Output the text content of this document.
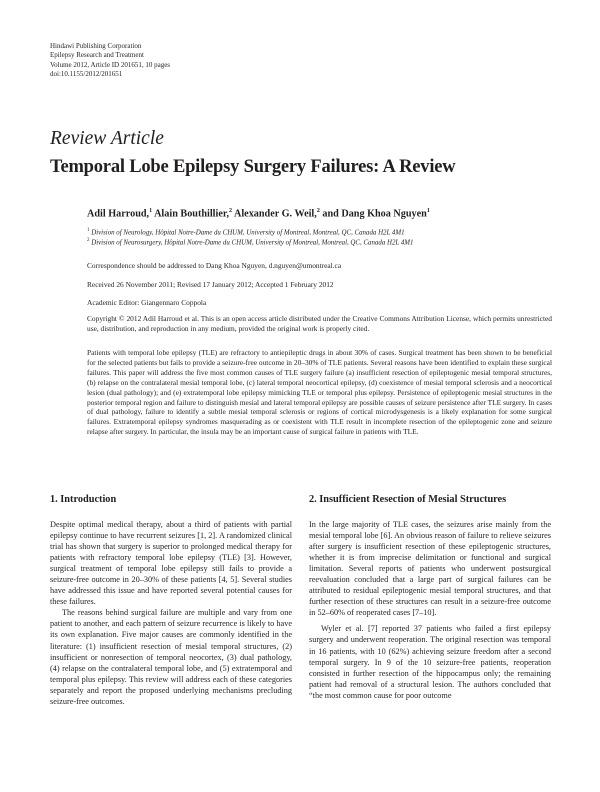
Hindawi Publishing Corporation
Epilepsy Research and Treatment
Volume 2012, Article ID 201651, 10 pages
doi:10.1155/2012/201651
Review Article
Temporal Lobe Epilepsy Surgery Failures: A Review
Adil Harroud,$^1$ Alain Bouthillier,$^2$ Alexander G. Weil,$^2$ and Dang Khoa Nguyen$^1$
$^1$ Division of Neurology, Hôpital Notre-Dame du CHUM, University of Montreal, Montreal, QC, Canada H2L 4M1
$^2$ Division of Neurosurgery, Hôpital Notre-Dame du CHUM, University of Montreal, Montreal, QC, Canada H2L 4M1
Correspondence should be addressed to Dang Khoa Nguyen, d.nguyen@umontreal.ca
Received 26 November 2011; Revised 17 January 2012; Accepted 1 February 2012
Academic Editor: Giangennaro Coppola
Copyright © 2012 Adil Harroud et al. This is an open access article distributed under the Creative Commons Attribution License, which permits unrestricted use, distribution, and reproduction in any medium, provided the original work is properly cited.
Patients with temporal lobe epilepsy (TLE) are refractory to antiepileptic drugs in about 30% of cases. Surgical treatment has been shown to be beneficial for the selected patients but fails to provide a seizure-free outcome in 20–30% of TLE patients. Several reasons have been identified to explain these surgical failures. This paper will address the five most common causes of TLE surgery failure (a) insufficient resection of epileptogenic mesial temporal structures, (b) relapse on the contralateral mesial temporal lobe, (c) lateral temporal neocortical epilepsy, (d) coexistence of mesial temporal sclerosis and a neocortical lesion (dual pathology); and (e) extratemporal lobe epilepsy mimicking TLE or temporal plus epilepsy. Persistence of epileptogenic mesial structures in the posterior temporal region and failure to distinguish mesial and lateral temporal epilepsy are possible causes of seizure persistence after TLE surgery. In cases of dual pathology, failure to identify a subtle mesial temporal sclerosis or regions of cortical microdysgenesis is a likely explanation for some surgical failures. Extratemporal epilepsy syndromes masquerading as or coexistent with TLE result in incomplete resection of the epileptogenic zone and seizure relapse after surgery. In particular, the insula may be an important cause of surgical failure in patients with TLE.
1. Introduction

Despite optimal medical therapy, about a third of patients with partial epilepsy continue to have recurrent seizures [1, 2]. A randomized clinical trial has shown that surgery is superior to prolonged medical therapy for patients with refractory temporal lobe epilepsy (TLE) [3]. However, surgical treatment of temporal lobe epilepsy still fails to provide a seizure-free outcome in 20–30% of these patients [4, 5]. Several studies have addressed this issue and have reported several potential causes for these failures.

The reasons behind surgical failure are multiple and vary from one patient to another, and each pattern of seizure recurrence is likely to have its own explanation. Five major causes are commonly identified in the literature: (1) insufficient resection of mesial temporal structures, (2) insufficient or nonresection of temporal neocortex, (3) dual pathology, (4) relapse on the contralateral temporal lobe, and (5) extratemporal and temporal plus epilepsy. This review will address each of these categories separately and report the proposed underlying mechanisms precluding seizure-free outcomes.

2. Insufficient Resection of Mesial Structures

In the large majority of TLE cases, the seizures arise mainly from the mesial temporal lobe [6]. An obvious reason of failure to relieve seizures after surgery is insufficient resection of these epileptogenic structures, whether it is from imprecise delimitation or functional and surgical limitation. Several reports of patients who underwent postsurgical reevaluation concluded that a large part of surgical failures can be attributed to residual epileptogenic mesial temporal structures, and that further resection of these structures can result in a seizure-free outcome in 52–60% of reoperated cases [7–10].

Wyler et al. [7] reported 37 patients who failed a first epilepsy surgery and underwent reoperation. The original resection was temporal in 16 patients, with 10 (62%) achieving seizure freedom after a second temporal surgery. In 9 of the 10 seizure-free patients, reoperation consisted in further resection of the hippocampus only; the remaining patient had removal of a structural lesion. The authors concluded that “the most common cause for poor outcome
